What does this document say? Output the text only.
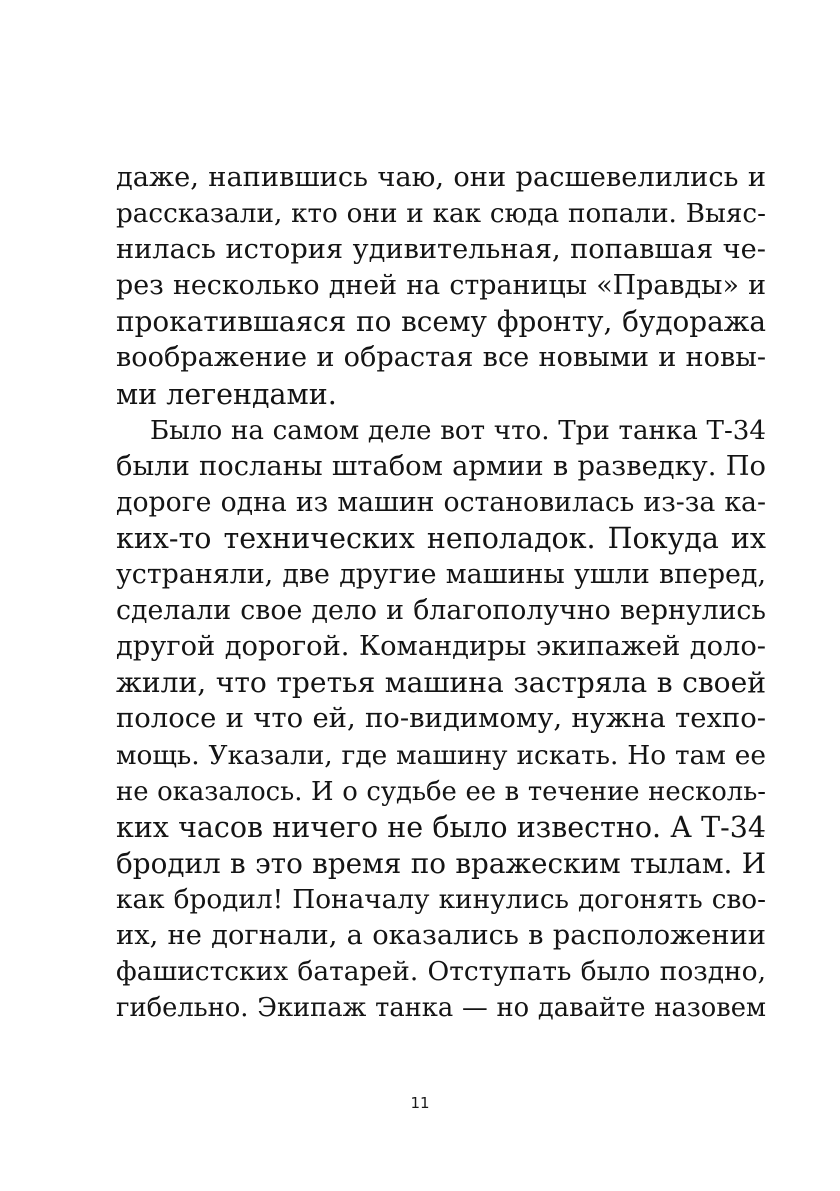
даже, напившись чаю, они расшевелились и
рассказали, кто они и как сюда попали. Выяс-
нилась история удивительная, попавшая че-
рез несколько дней на страницы «Правды» и
прокатившаяся по всему фронту, будоража
воображение и обрастая все новыми и новы-
ми легендами.
Было на самом деле вот что. Три танка Т-34
были посланы штабом армии в разведку. По
дороге одна из машин остановилась из-за ка-
ких-то технических неполадок. Покуда их
устраняли, две другие машины ушли вперед,
сделали свое дело и благополучно вернулись
другой дорогой. Командиры экипажей доло-
жили, что третья машина застряла в своей
полосе и что ей, по-видимому, нужна техпо-
мощь. Указали, где машину искать. Но там ее
не оказалось. И о судьбе ее в течение несколь-
ких часов ничего не было известно. А Т-34
бродил в это время по вражеским тылам. И
как бродил! Поначалу кинулись догонять сво-
их, не догнали, а оказались в расположении
фашистских батарей. Отступать было поздно,
гибельно. Экипаж танка — но давайте назовем
11
